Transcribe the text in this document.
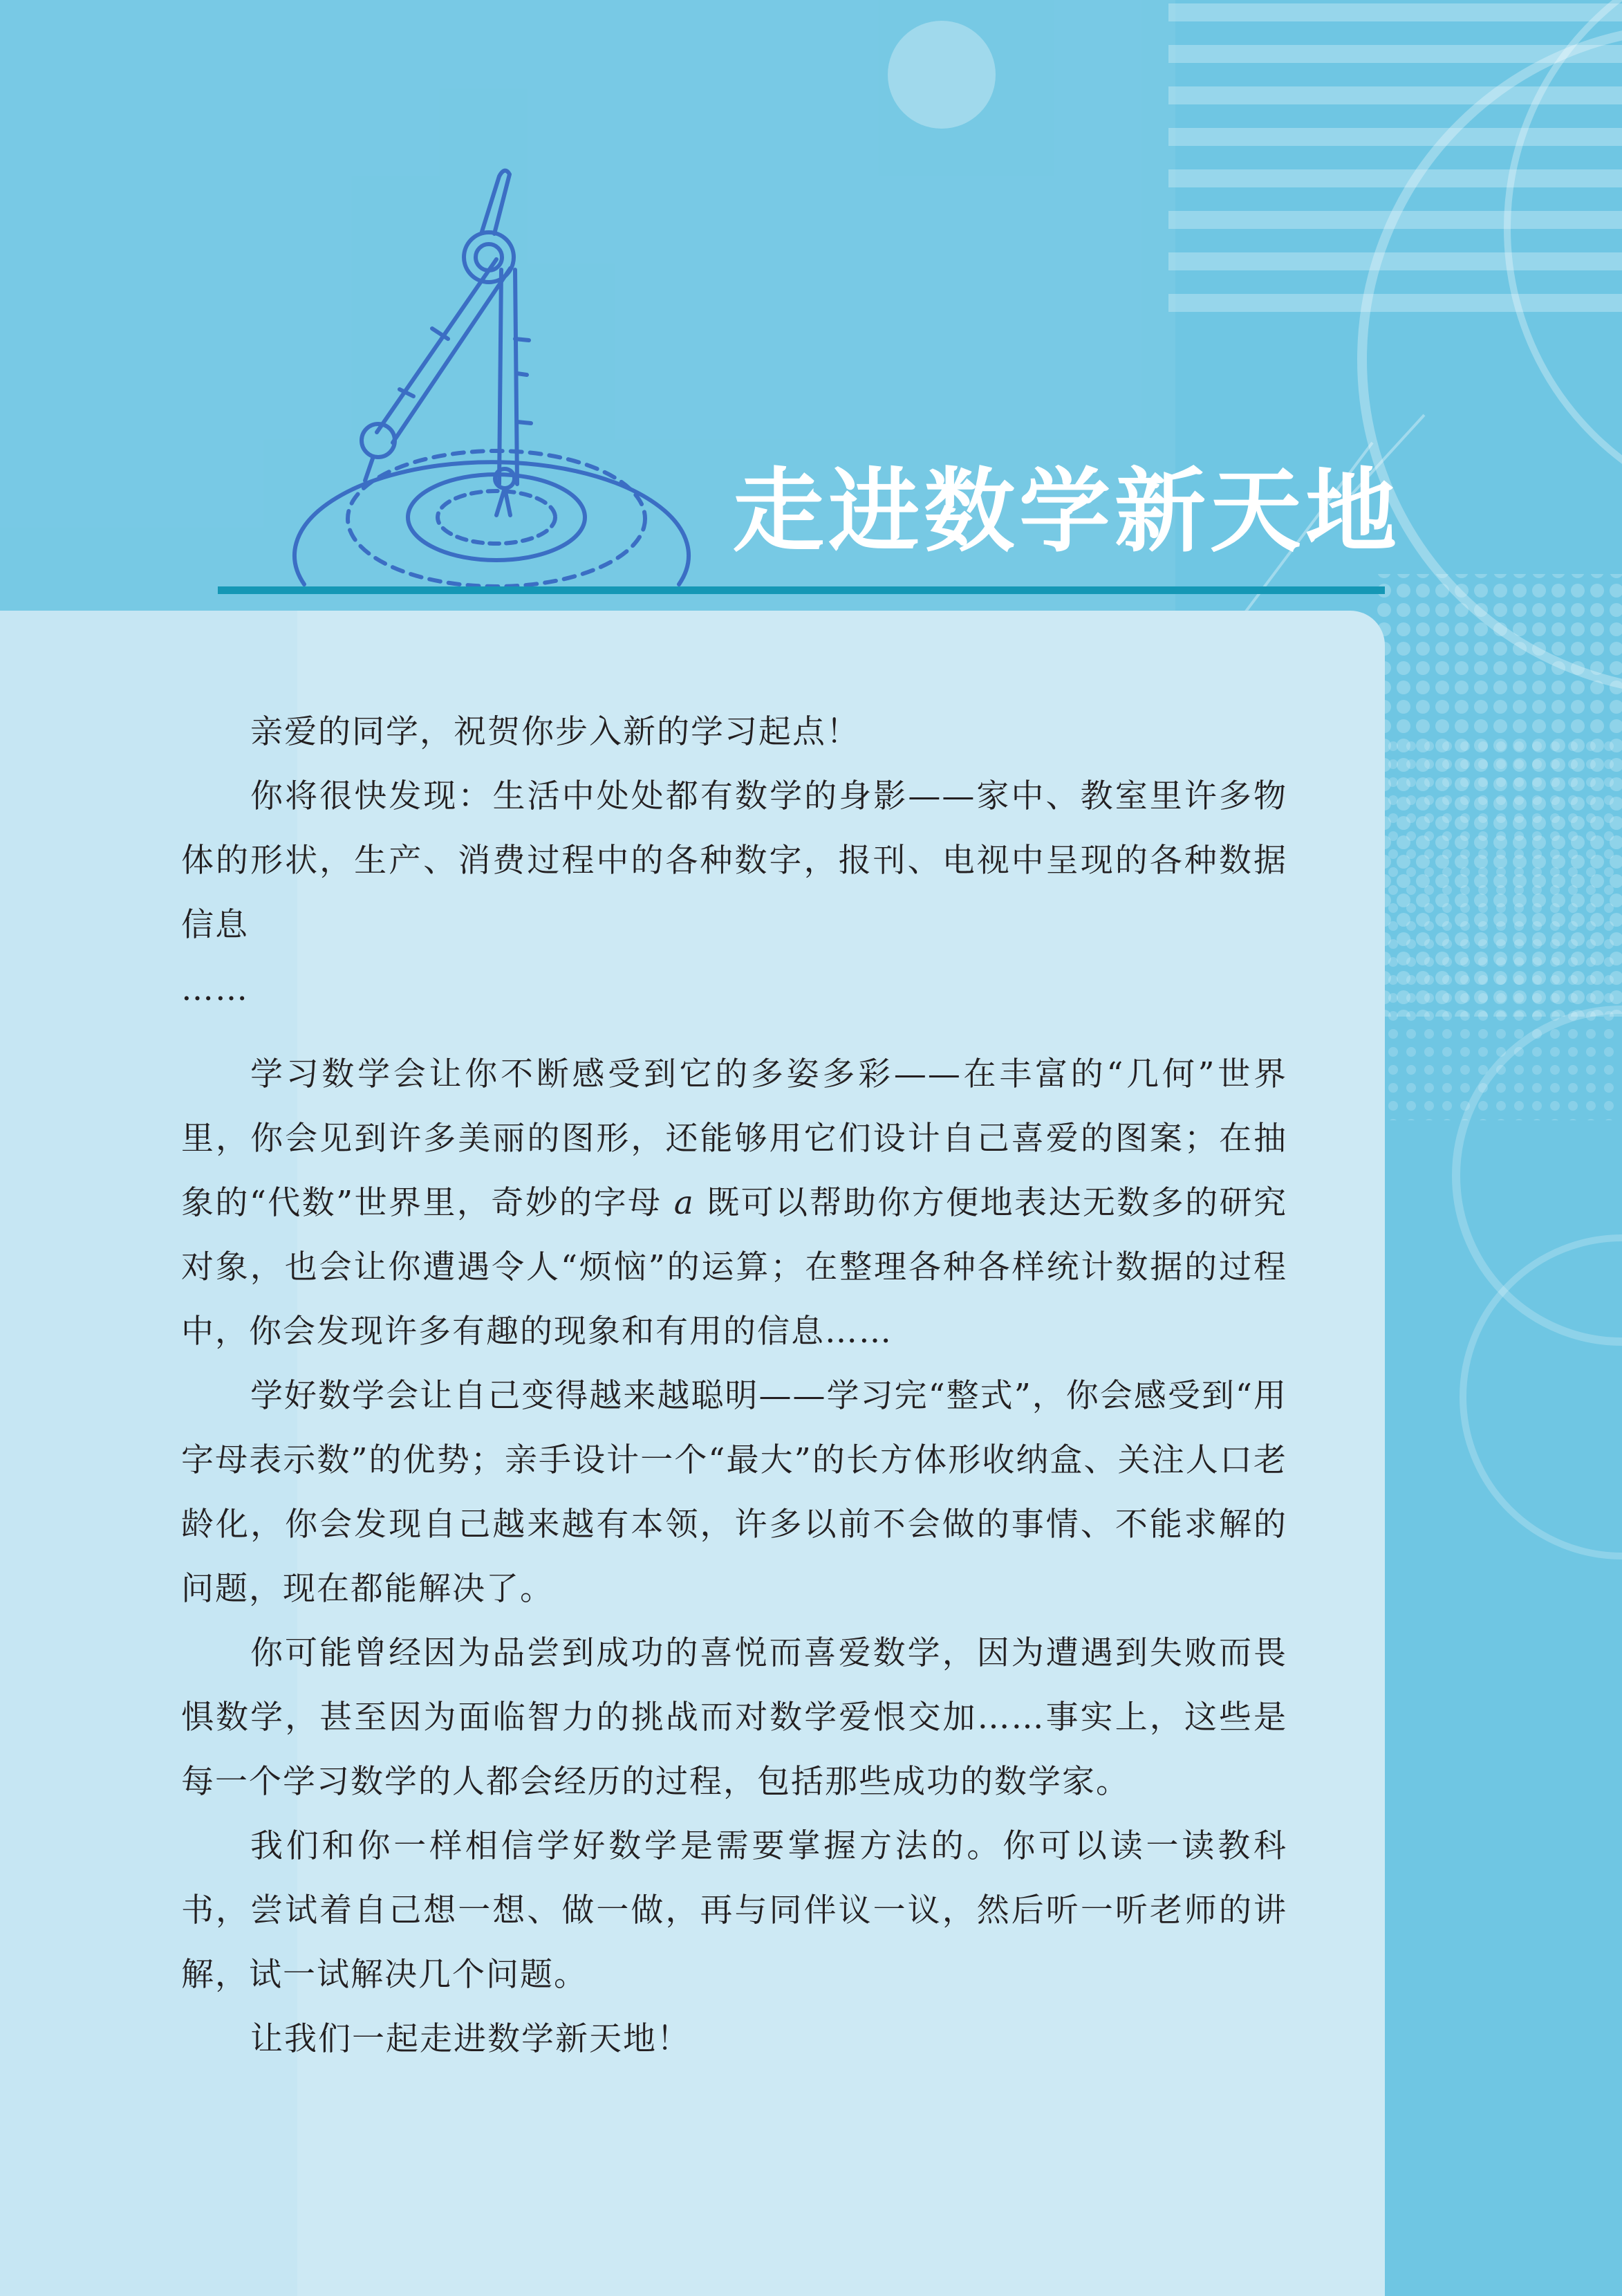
走进数学新天地

亲爱的同学，祝贺你步入新的学习起点！

你将很快发现：生活中处处都有数学的身影——家中、教室里许多物体的形状，生产、消费过程中的各种数字，报刊、电视中呈现的各种数据信息

……

学习数学会让你不断感受到它的多姿多彩——在丰富的“几何”世界里，你会见到许多美丽的图形，还能够用它们设计自己喜爱的图案；在抽象的“代数”世界里，奇妙的字母 a 既可以帮助你方便地表达无数多的研究对象，也会让你遭遇令人“烦恼”的运算；在整理各种各样统计数据的过程中，你会发现许多有趣的现象和有用的信息……

学好数学会让自己变得越来越聪明——学习完“整式”，你会感受到“用字母表示数”的优势；亲手设计一个“最大”的长方体形收纳盒、关注人口老龄化，你会发现自己越来越有本领，许多以前不会做的事情、不能求解的问题，现在都能解决了。

你可能曾经因为品尝到成功的喜悦而喜爱数学，因为遭遇到失败而畏惧数学，甚至因为面临智力的挑战而对数学爱恨交加……事实上，这些是每一个学习数学的人都会经历的过程，包括那些成功的数学家。

我们和你一样相信学好数学是需要掌握方法的。你可以读一读教科书，尝试着自己想一想、做一做，再与同伴议一议，然后听一听老师的讲解，试一试解决几个问题。

让我们一起走进数学新天地！
